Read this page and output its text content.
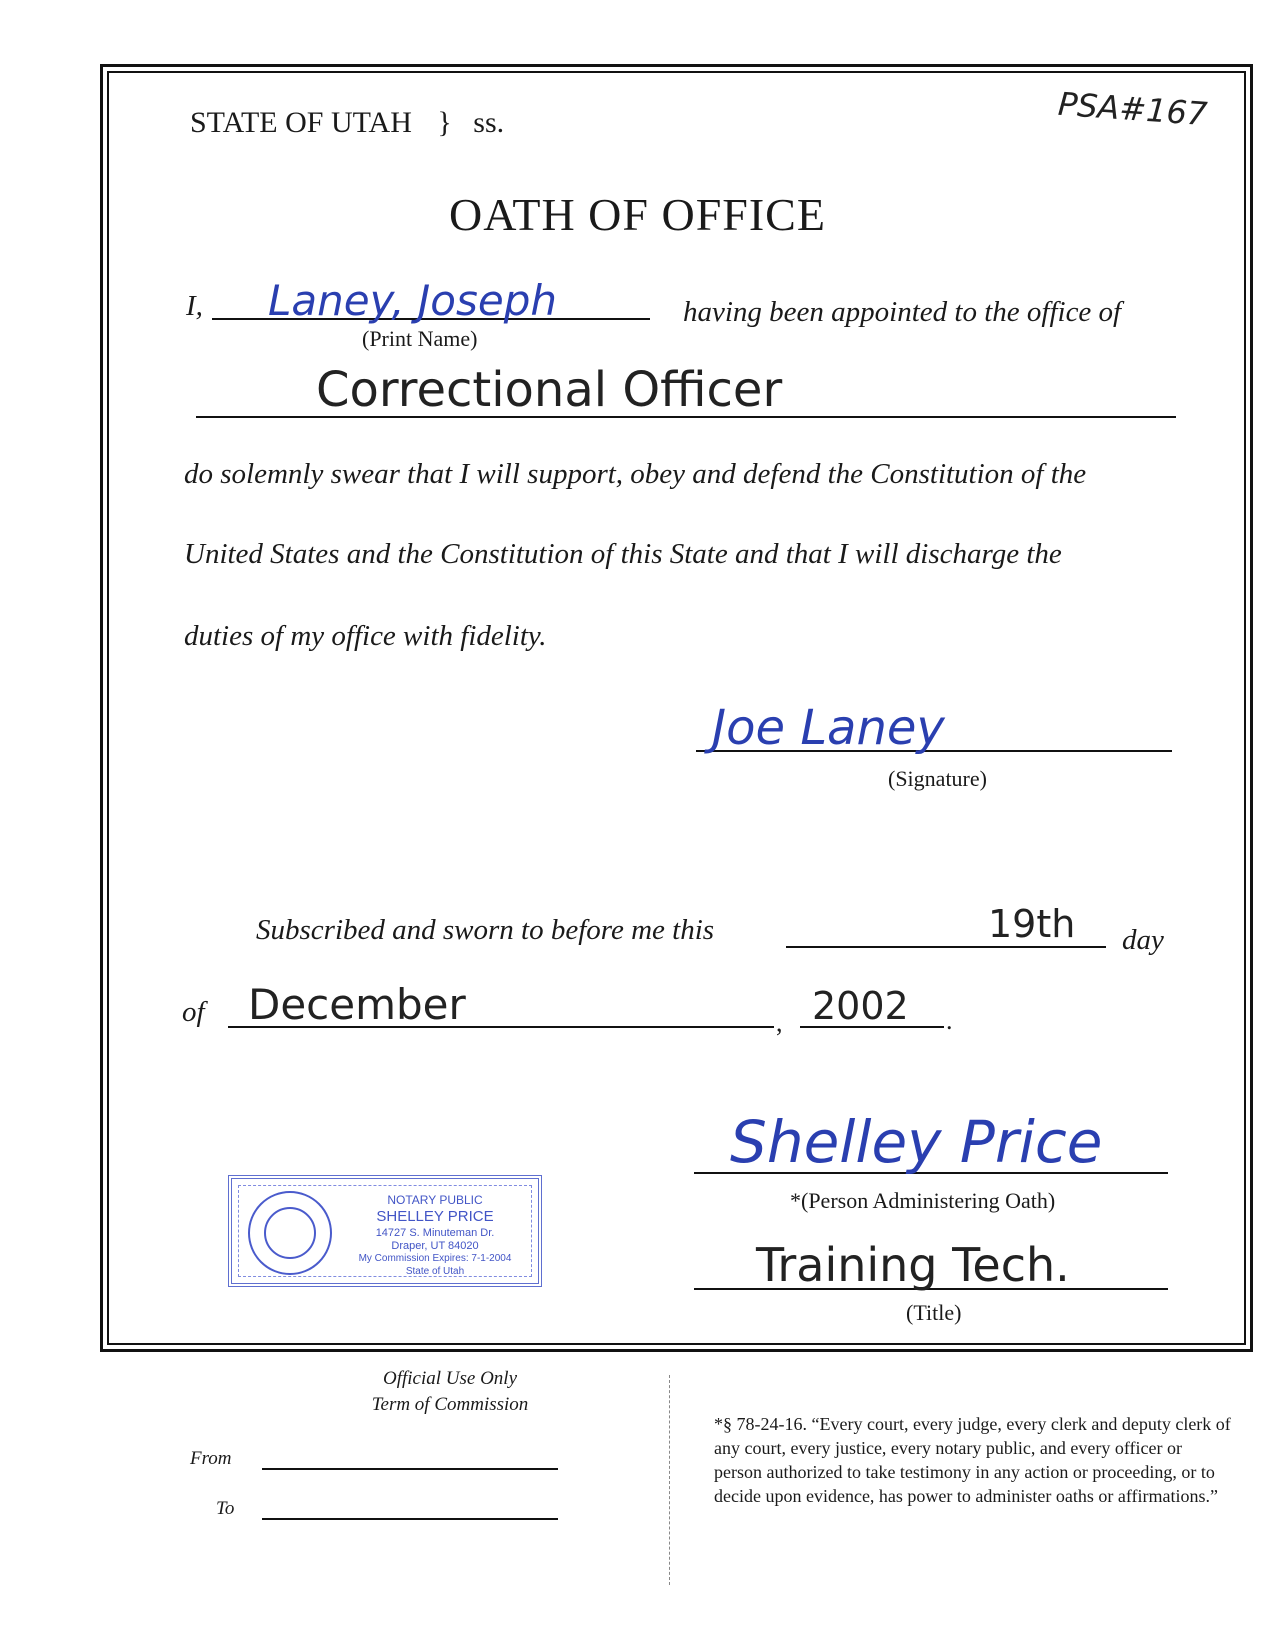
STATE OF UTAH } ss.	PSA#167
OATH OF OFFICE
I, Laney, Joseph
(Print Name)
having been appointed to the office of
Correctional Officer
do solemnly swear that I will support, obey and defend the Constitution of the
United States and the Constitution of this State and that I will discharge the
duties of my office with fidelity.
Joe Laney
(Signature)
Subscribed and sworn to before me this	19th day
of December	, 2002 .
Shelley Price
*(Person Administering Oath)
Training Tech.
(Title)
NOTARY PUBLIC
SHELLEY PRICE
14727 S. Minuteman Dr.
Draper, UT 84020
My Commission Expires: 7-1-2004
State of Utah
Official Use Only
Term of Commission
From
To
*§ 78-24-16. “Every court, every judge, every clerk and deputy clerk of any court, every justice, every notary public, and every officer or person authorized to take testimony in any action or proceeding, or to decide upon evidence, has power to administer oaths or affirmations.”
